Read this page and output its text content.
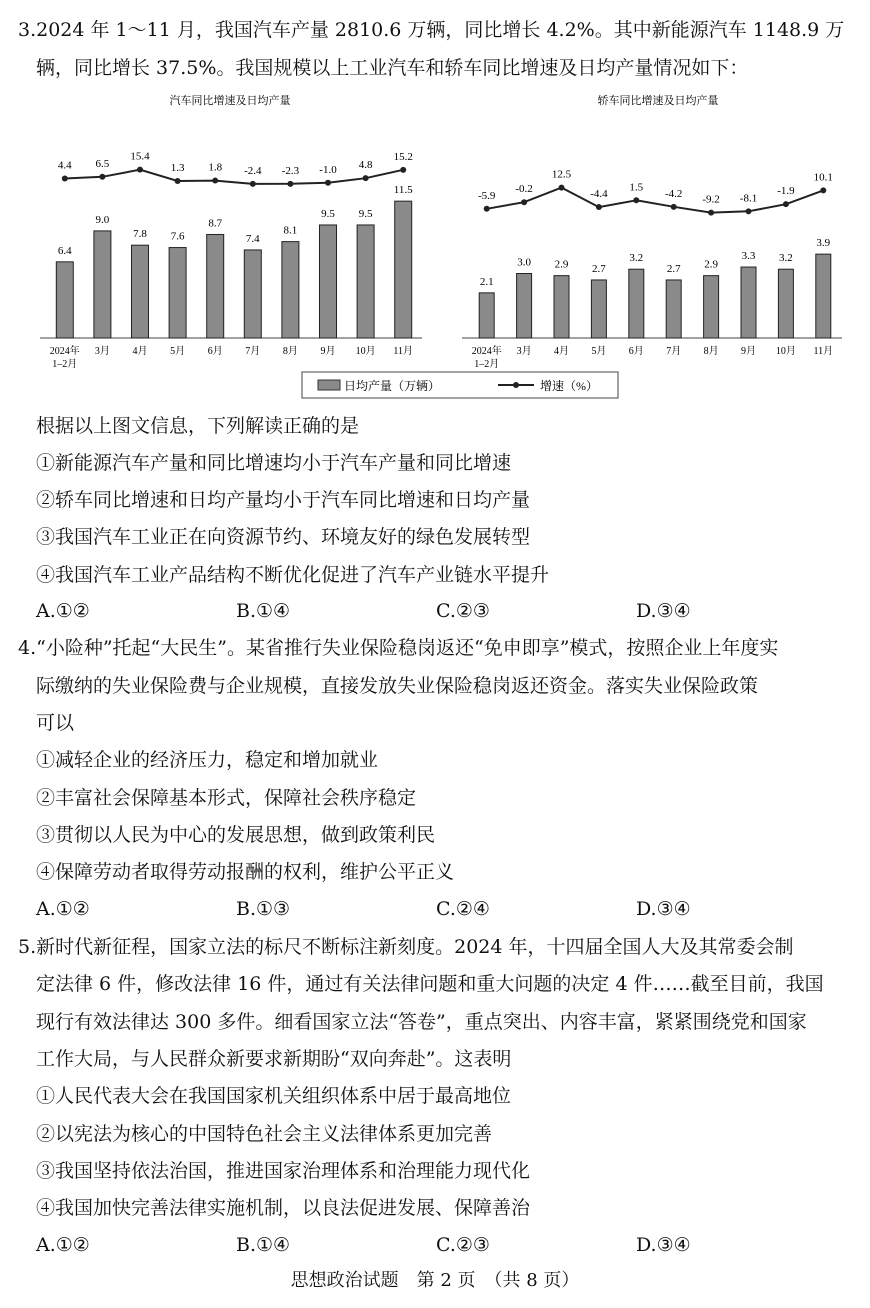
3.2024 年 1～11 月，我国汽车产量 2810.6 万辆，同比增长 4.2%。其中新能源汽车 1148.9 万
辆，同比增长 37.5%。我国规模以上工业汽车和轿车同比增速及日均产量情况如下：
汽车同比增速及日均产量
6.4
2024年
1–2月
9.0
3月
7.8
4月
7.6
5月
8.7
6月
7.4
7月
8.1
8月
9.5
9月
9.5
10月
11.5
11月
4.4 6.5
15.4
1.3 1.8 -2.4 -2.3 -1.0 4.8
15.2
轿车同比增速及日均产量
2.1
2024年
1–2月
3.0
3月
2.9
4月
2.7
5月
3.2
6月
2.7
7月
2.9
8月
3.3
9月
3.2
10月
3.9
11月
-5.9
-0.2
12.5
-4.4
1.5
-4.2 -9.2 -8.1
-1.9
10.1
日均产量（万辆）	增速（%）
根据以上图文信息，下列解读正确的是
①新能源汽车产量和同比增速均小于汽车产量和同比增速
②轿车同比增速和日均产量均小于汽车同比增速和日均产量
③我国汽车工业正在向资源节约、环境友好的绿色发展转型
④我国汽车工业产品结构不断优化促进了汽车产业链水平提升
A.①②	B.①④	C.②③	D.③④
4.“小险种”托起“大民生”。某省推行失业保险稳岗返还“免申即享”模式，按照企业上年度实
际缴纳的失业保险费与企业规模，直接发放失业保险稳岗返还资金。落实失业保险政策
可以
①减轻企业的经济压力，稳定和增加就业
②丰富社会保障基本形式，保障社会秩序稳定
③贯彻以人民为中心的发展思想，做到政策利民
④保障劳动者取得劳动报酬的权利，维护公平正义
A.①②	B.①③	C.②④	D.③④
5.新时代新征程，国家立法的标尺不断标注新刻度。2024 年，十四届全国人大及其常委会制
定法律 6 件，修改法律 16 件，通过有关法律问题和重大问题的决定 4 件……截至目前，我国
现行有效法律达 300 多件。细看国家立法“答卷”，重点突出、内容丰富，紧紧围绕党和国家
工作大局，与人民群众新要求新期盼“双向奔赴”。这表明
①人民代表大会在我国国家机关组织体系中居于最高地位
②以宪法为核心的中国特色社会主义法律体系更加完善
③我国坚持依法治国，推进国家治理体系和治理能力现代化
④我国加快完善法律实施机制，以良法促进发展、保障善治
A.①②	B.①④	C.②③	D.③④
思想政治试题　第 2 页　（共 8 页）
